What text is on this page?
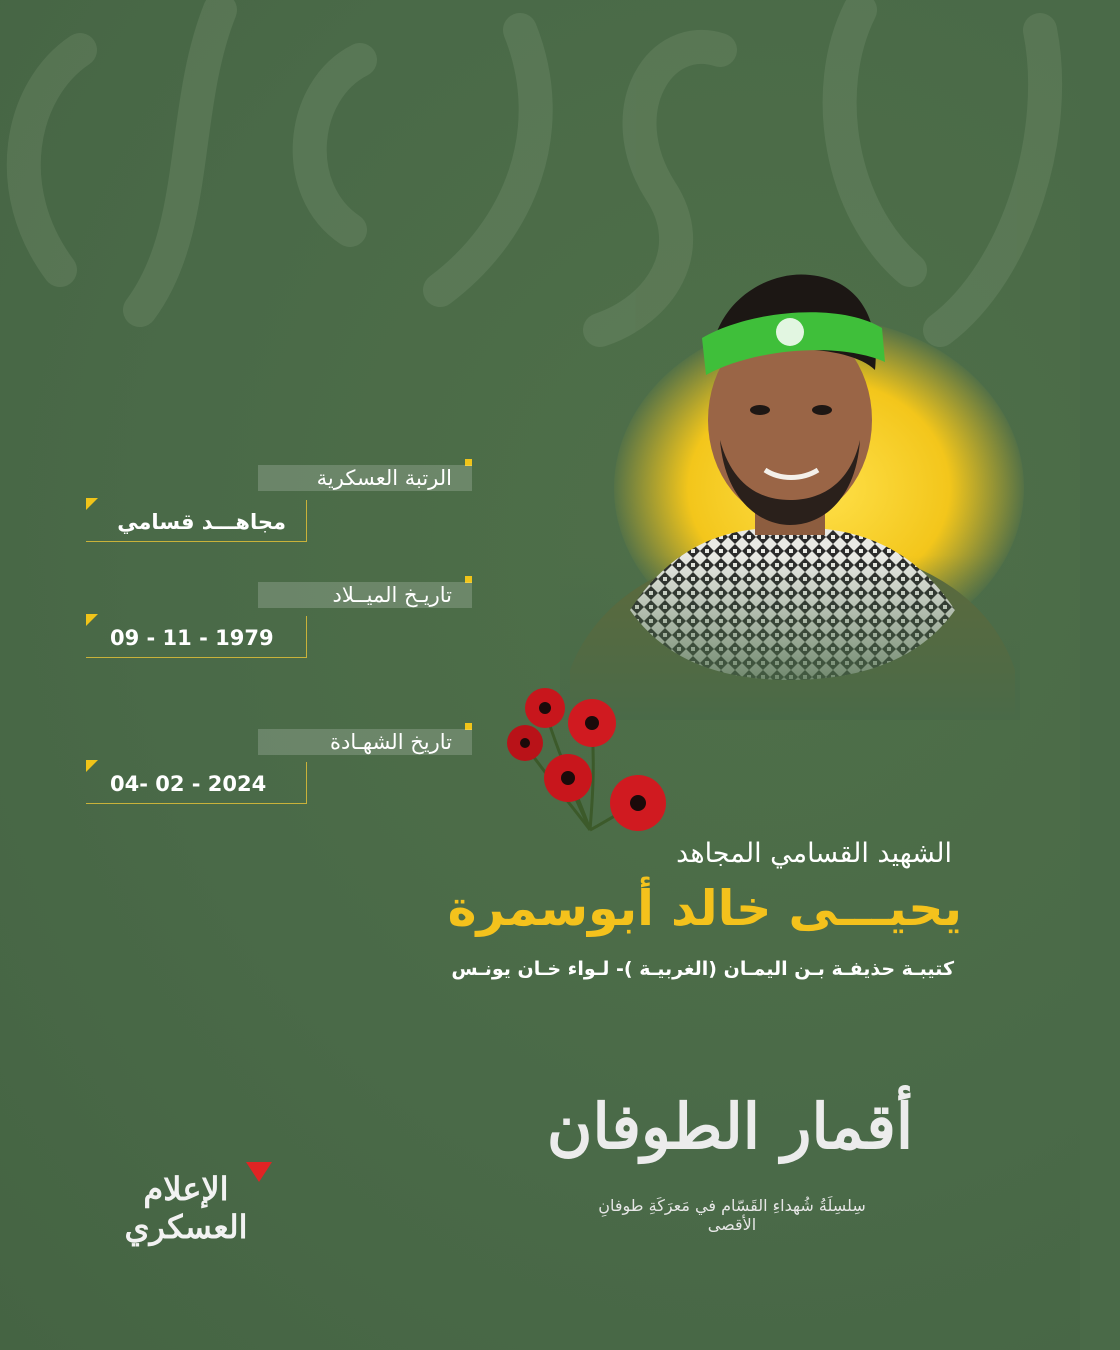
الرتبة العسكرية
مجاهـــد قسامي
تاريـخ الميــلاد
09 - 11 - 1979
تاريخ الشهـادة
04- 02 - 2024
الشهيد القسامي المجاهد
يحيـــى خالد أبوسمرة
كتيبـة حذيفـة بـن اليمـان (الغربيـة )- لـواء خـان يونـس
أقمار الطوفان
سِلسِلَةُ شُهداءِ القَسّام في مَعرَكَةِ طوفانِ الأقصى
الإعلام العسكري
